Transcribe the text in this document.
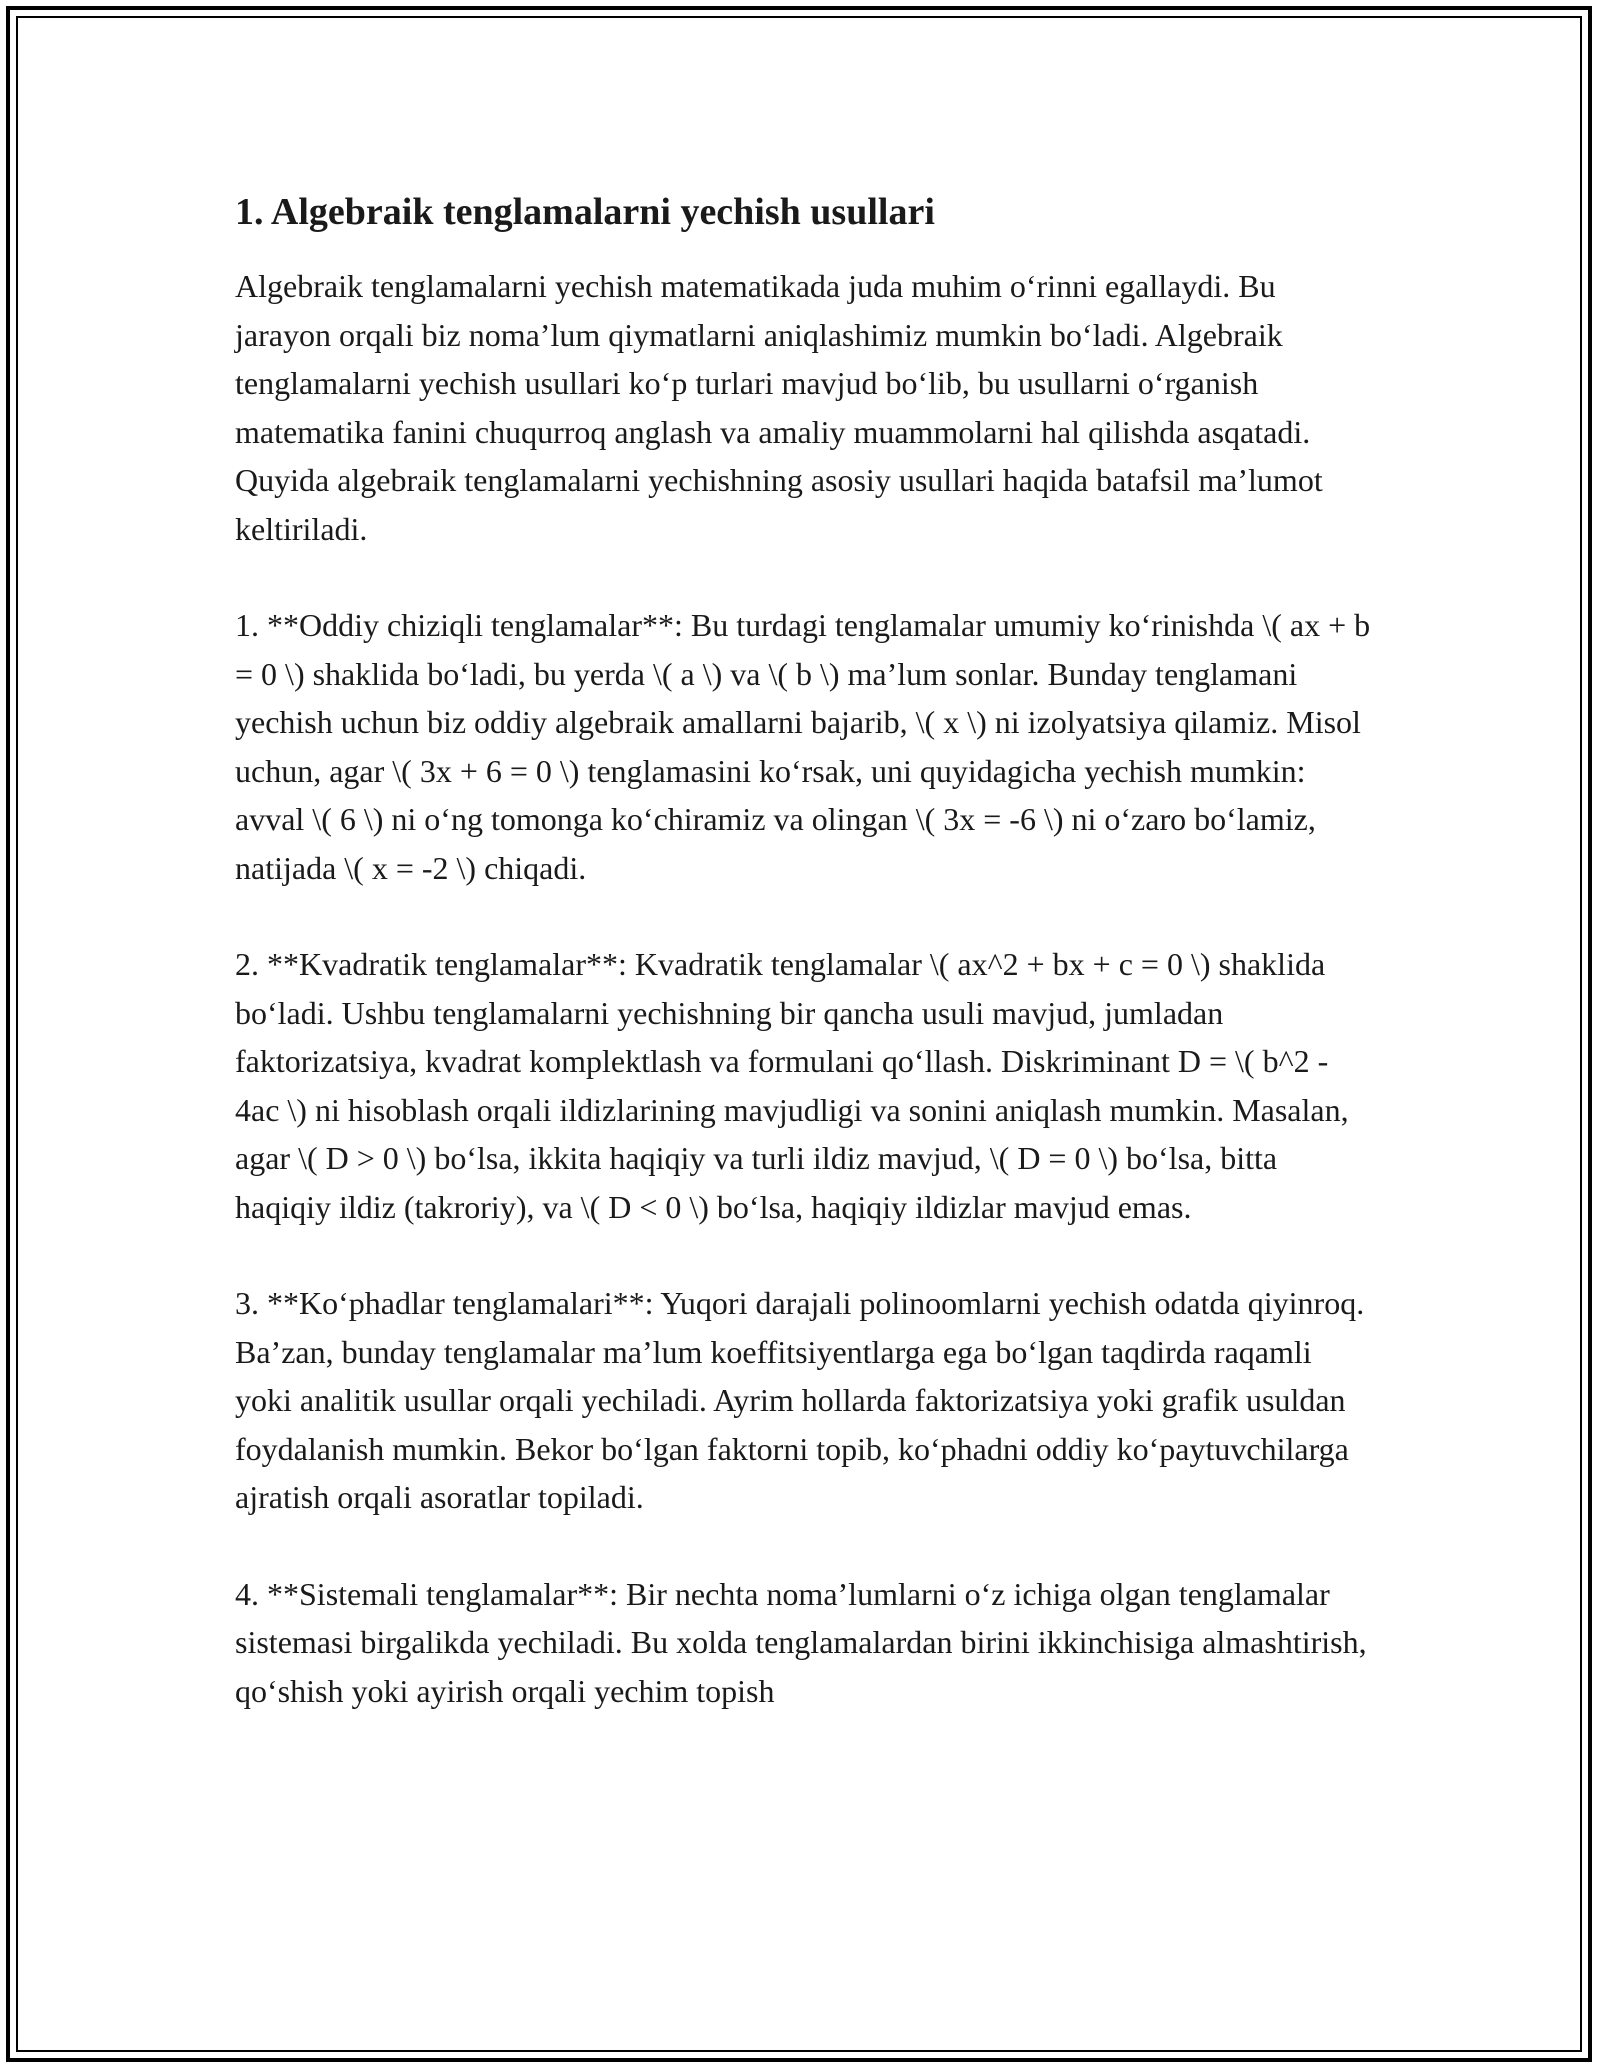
1. Algebraik tenglamalarni yechish usullari

Algebraik tenglamalarni yechish matematikada juda muhim o‘rinni egallaydi. Bu jarayon orqali biz noma’lum qiymatlarni aniqlashimiz mumkin bo‘ladi. Algebraik tenglamalarni yechish usullari ko‘p turlari mavjud bo‘lib, bu usullarni o‘rganish matematika fanini chuqurroq anglash va amaliy muammolarni hal qilishda asqatadi. Quyida algebraik tenglamalarni yechishning asosiy usullari haqida batafsil ma’lumot keltiriladi.

1. **Oddiy chiziqli tenglamalar**: Bu turdagi tenglamalar umumiy ko‘rinishda \( ax + b = 0 \) shaklida bo‘ladi, bu yerda \( a \) va \( b \) ma’lum sonlar. Bunday tenglamani yechish uchun biz oddiy algebraik amallarni bajarib, \( x \) ni izolyatsiya qilamiz. Misol uchun, agar \( 3x + 6 = 0 \) tenglamasini ko‘rsak, uni quyidagicha yechish mumkin: avval \( 6 \) ni o‘ng tomonga ko‘chiramiz va olingan \( 3x = -6 \) ni o‘zaro bo‘lamiz, natijada \( x = -2 \) chiqadi.

2. **Kvadratik tenglamalar**: Kvadratik tenglamalar \( ax^2 + bx + c = 0 \) shaklida bo‘ladi. Ushbu tenglamalarni yechishning bir qancha usuli mavjud, jumladan faktorizatsiya, kvadrat komplektlash va formulani qo‘llash. Diskriminant D = \( b^2 - 4ac \) ni hisoblash orqali ildizlarining mavjudligi va sonini aniqlash mumkin. Masalan, agar \( D > 0 \) bo‘lsa, ikkita haqiqiy va turli ildiz mavjud, \( D = 0 \) bo‘lsa, bitta haqiqiy ildiz (takroriy), va \( D < 0 \) bo‘lsa, haqiqiy ildizlar mavjud emas.

3. **Ko‘phadlar tenglamalari**: Yuqori darajali polinoomlarni yechish odatda qiyinroq. Ba’zan, bunday tenglamalar ma’lum koeffitsiyentlarga ega bo‘lgan taqdirda raqamli yoki analitik usullar orqali yechiladi. Ayrim hollarda faktorizatsiya yoki grafik usuldan foydalanish mumkin. Bekor bo‘lgan faktorni topib, ko‘phadni oddiy ko‘paytuvchilarga ajratish orqali asoratlar topiladi.

4. **Sistemali tenglamalar**: Bir nechta noma’lumlarni o‘z ichiga olgan tenglamalar sistemasi birgalikda yechiladi. Bu xolda tenglamalardan birini ikkinchisiga almashtirish, qo‘shish yoki ayirish orqali yechim topish
